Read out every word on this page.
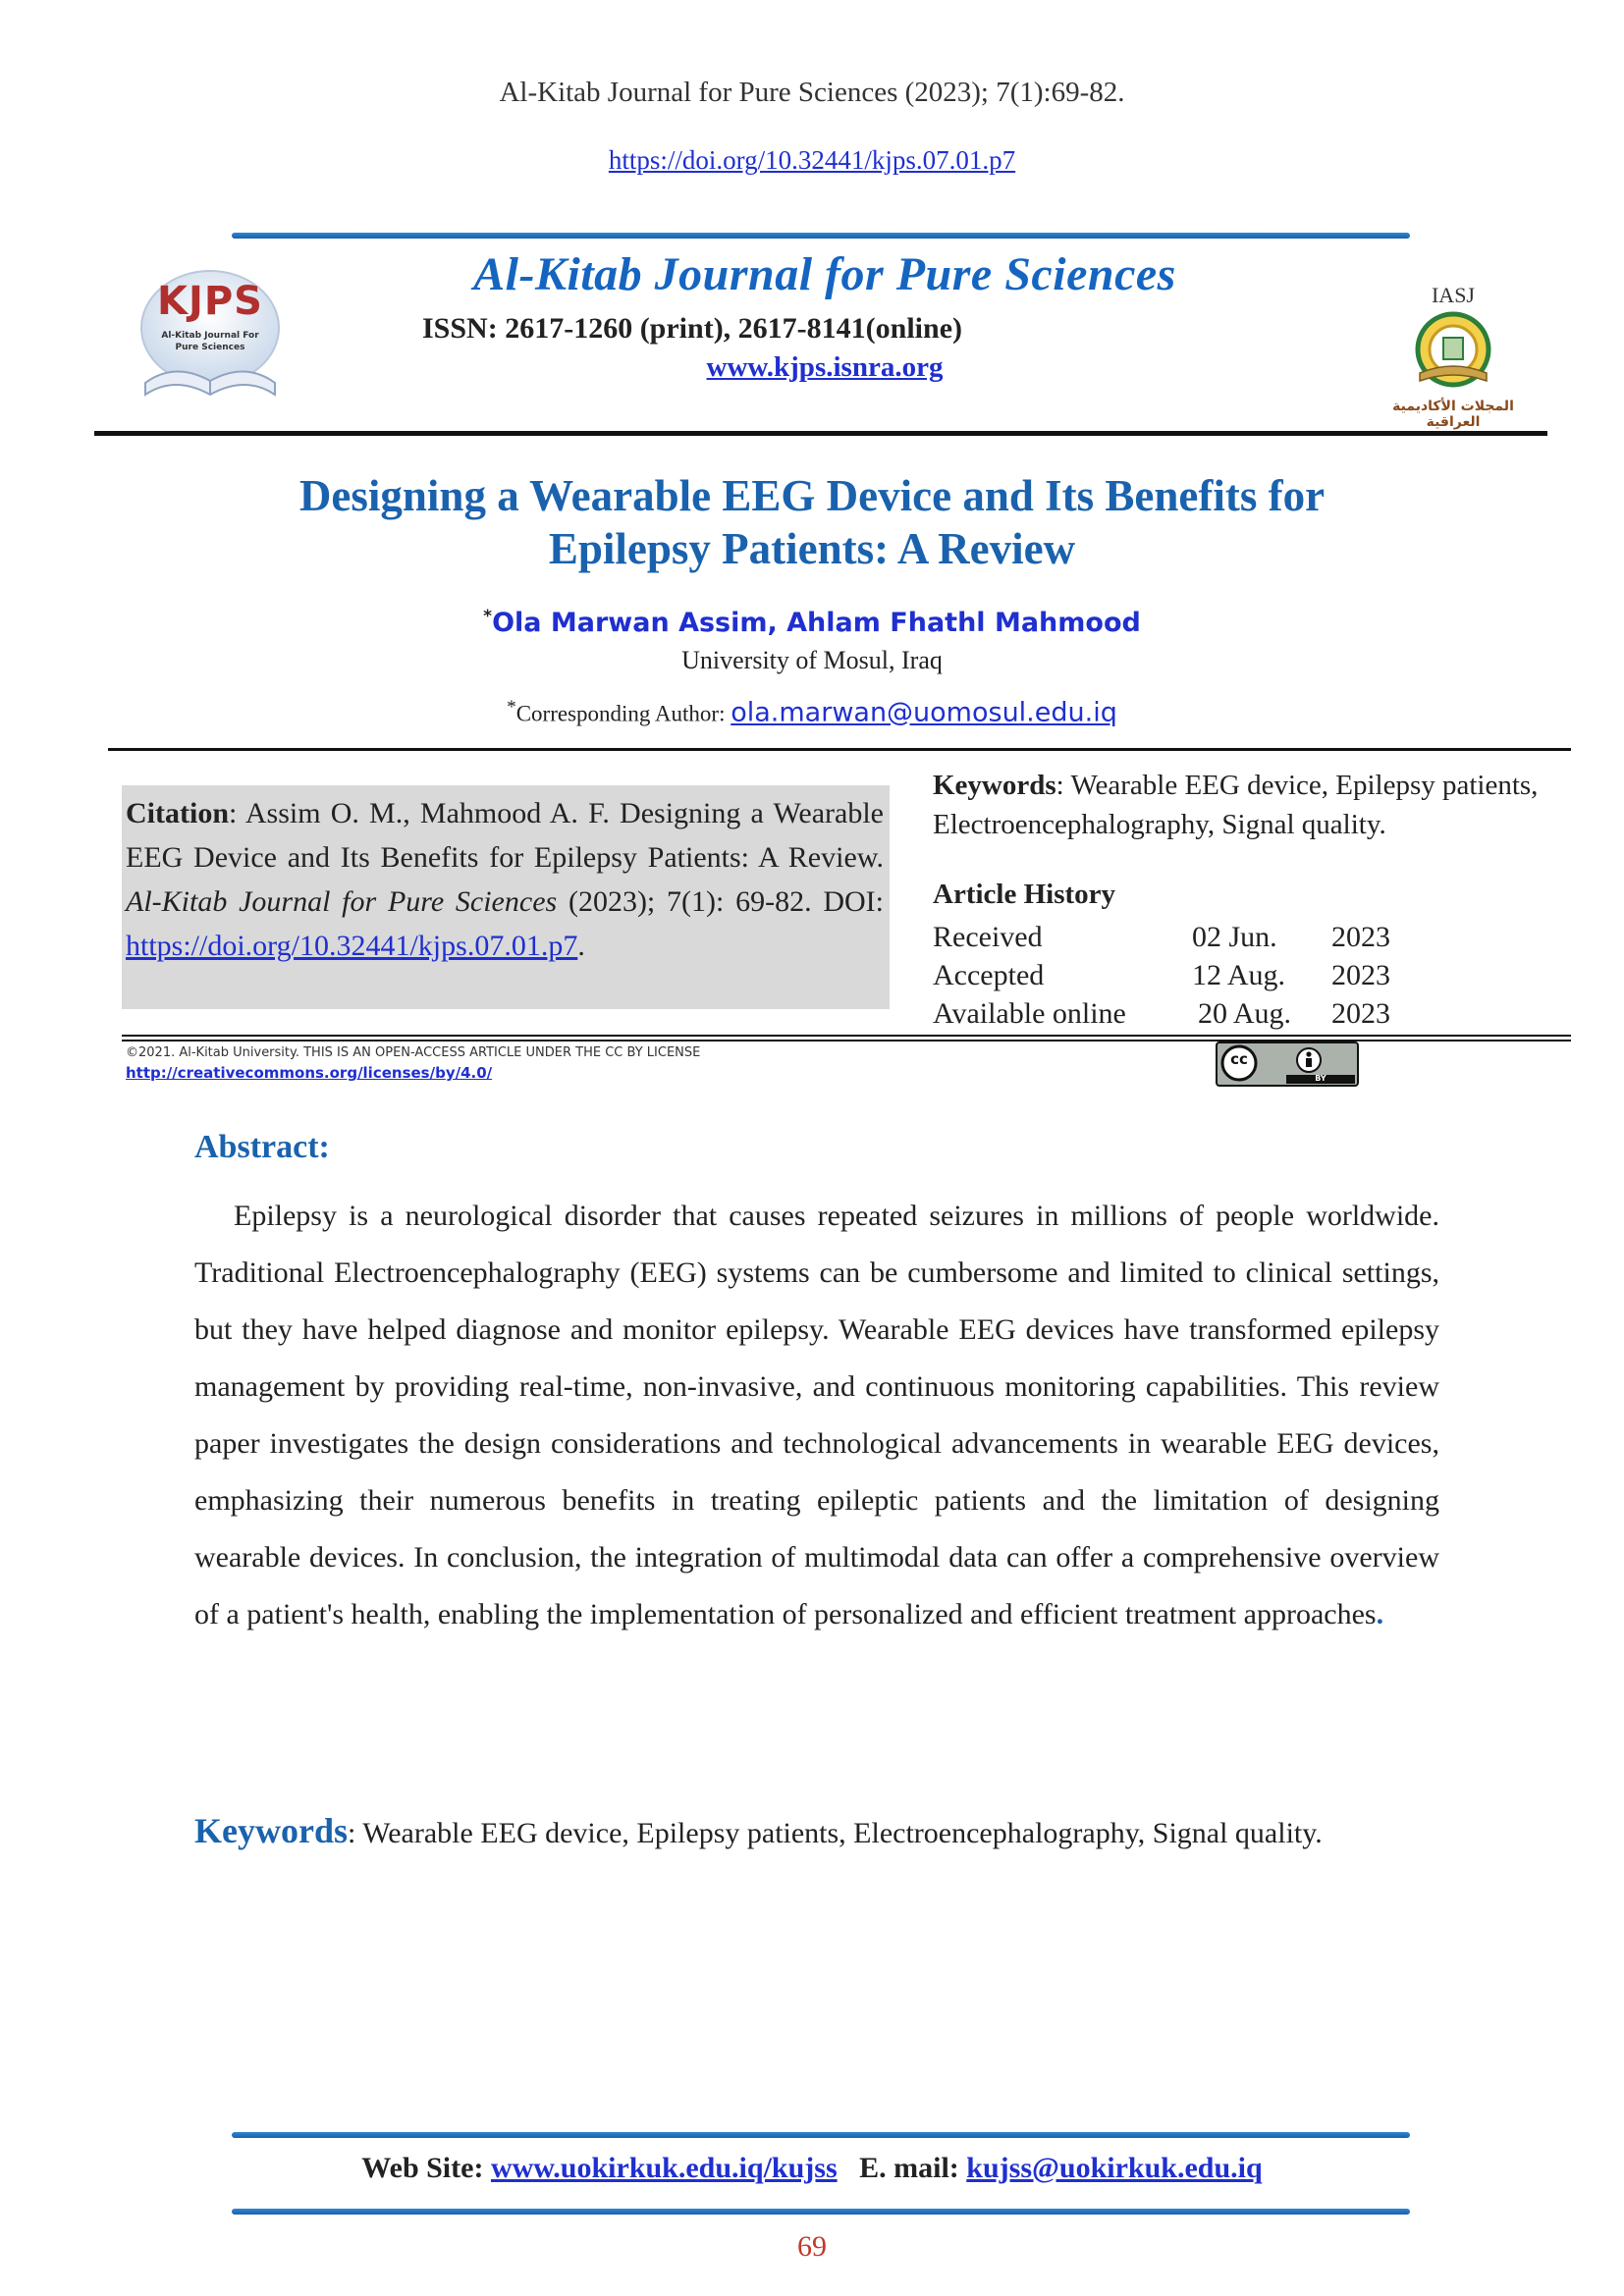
Al-Kitab Journal for Pure Sciences (2023); 7(1):69-82.
https://doi.org/10.32441/kjps.07.01.p7
KJPS
Al-Kitab Journal For Pure Sciences
Al-Kitab Journal for Pure Sciences
ISSN: 2617-1260 (print), 2617-8141(online)
www.kjps.isnra.org
IASJ
المجلات الأكاديمية العراقية
Designing a Wearable EEG Device and Its Benefits for
Epilepsy Patients: A Review
*Ola Marwan Assim, Ahlam Fhathl Mahmood
University of Mosul, Iraq
*Corresponding Author: ola.marwan@uomosul.edu.iq
Citation: Assim O. M., Mahmood A. F. Designing a Wearable EEG Device and Its Benefits for Epilepsy Patients: A Review. Al-Kitab Journal for Pure Sciences (2023); 7(1): 69-82. DOI: https://doi.org/10.32441/kjps.07.01.p7.
Keywords: Wearable EEG device, Epilepsy patients, Electroencephalography, Signal quality.
Article History
Received	02 Jun.	2023
Accepted	12 Aug.	2023
Available online	20 Aug.	2023
©2021. Al-Kitab University. THIS IS AN OPEN-ACCESS ARTICLE UNDER THE CC BY LICENSE
http://creativecommons.org/licenses/by/4.0/
cc
BY
Abstract:
Epilepsy is a neurological disorder that causes repeated seizures in millions of people worldwide. Traditional Electroencephalography (EEG) systems can be cumbersome and limited to clinical settings, but they have helped diagnose and monitor epilepsy. Wearable EEG devices have transformed epilepsy management by providing real-time, non-invasive, and continuous monitoring capabilities. This review paper investigates the design considerations and technological advancements in wearable EEG devices, emphasizing their numerous benefits in treating epileptic patients and the limitation of designing wearable devices. In conclusion, the integration of multimodal data can offer a comprehensive overview of a patient's health, enabling the implementation of personalized and efficient treatment approaches.
Keywords: Wearable EEG device, Epilepsy patients, Electroencephalography, Signal quality.
Web Site: www.uokirkuk.edu.iq/kujss E. mail: kujss@uokirkuk.edu.iq
69
